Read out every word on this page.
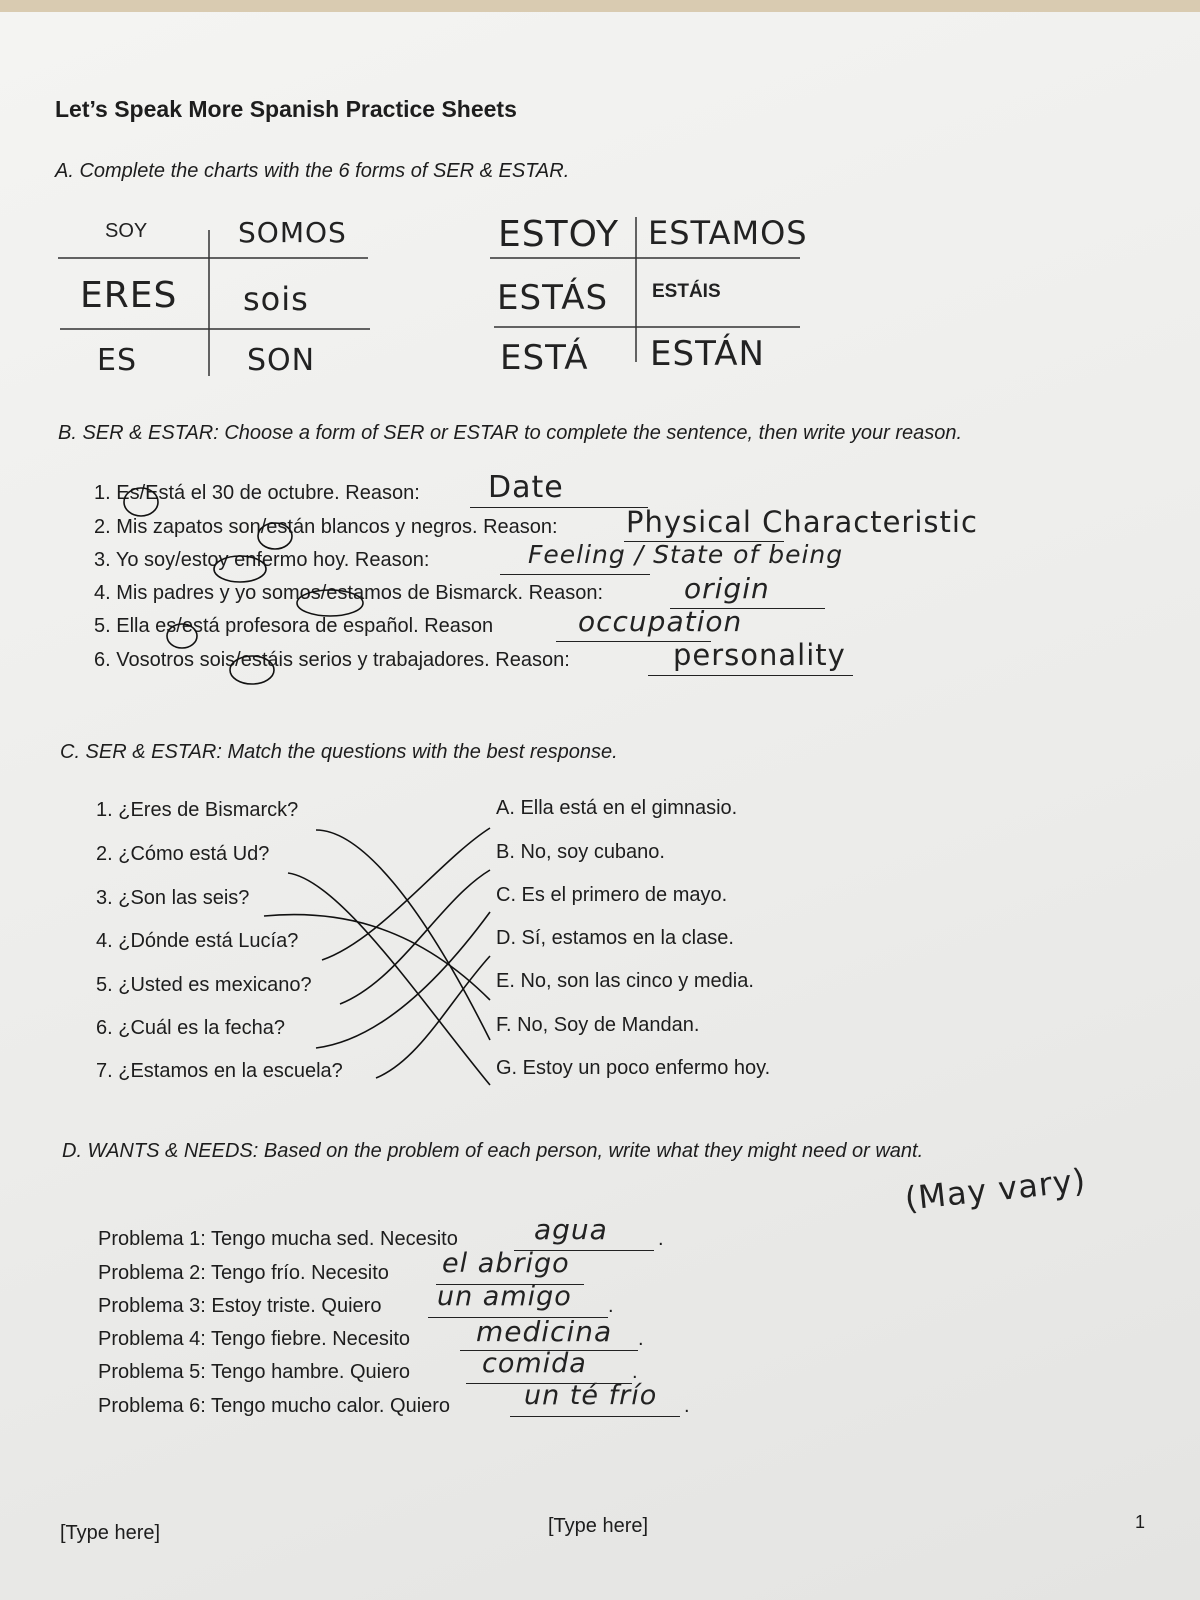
Let’s Speak More Spanish Practice Sheets
A. Complete the charts with the 6 forms of SER & ESTAR.
SOY	SOMOS
ERES sois
ES	SON
ESTOY ESTAMOS
ESTÁS ESTÁIS
ESTÁ ESTÁN
B. SER & ESTAR: Choose a form of SER or ESTAR to complete the sentence, then write your reason.
1. Es/Está el 30 de octubre. Reason: Date
2. Mis zapatos son/están blancos y negros. Reason: Physical Characteristic
3. Yo soy/estoy enfermo hoy. Reason:	Feeling / State of being
4. Mis padres y yo somos/estamos de Bismarck. Reason:	origin
5. Ella es/está profesora de español. Reason	occupation
6. Vosotros sois/estáis serios y trabajadores. Reason:	personality
C. SER & ESTAR: Match the questions with the best response.
1. ¿Eres de Bismarck?
2. ¿Cómo está Ud?
3. ¿Son las seis?
4. ¿Dónde está Lucía?
5. ¿Usted es mexicano?
6. ¿Cuál es la fecha?
7. ¿Estamos en la escuela?
A. Ella está en el gimnasio.
B. No, soy cubano.
C. Es el primero de mayo.
D. Sí, estamos en la clase.
E. No, son las cinco y media.
F. No, Soy de Mandan.
G. Estoy un poco enfermo hoy.
D. WANTS & NEEDS: Based on the problem of each person, write what they might need or want.
(May vary)
Problema 1: Tengo mucha sed. Necesito	agua	.
Problema 2: Tengo frío. Necesito el abrigo
Problema 3: Estoy triste. Quiero un amigo .
Problema 4: Tengo fiebre. Necesito medicina .
Problema 5: Tengo hambre. Quiero	comida .
Problema 6: Tengo mucho calor. Quiero	un té frío .
[Type here]	[Type here]	1
